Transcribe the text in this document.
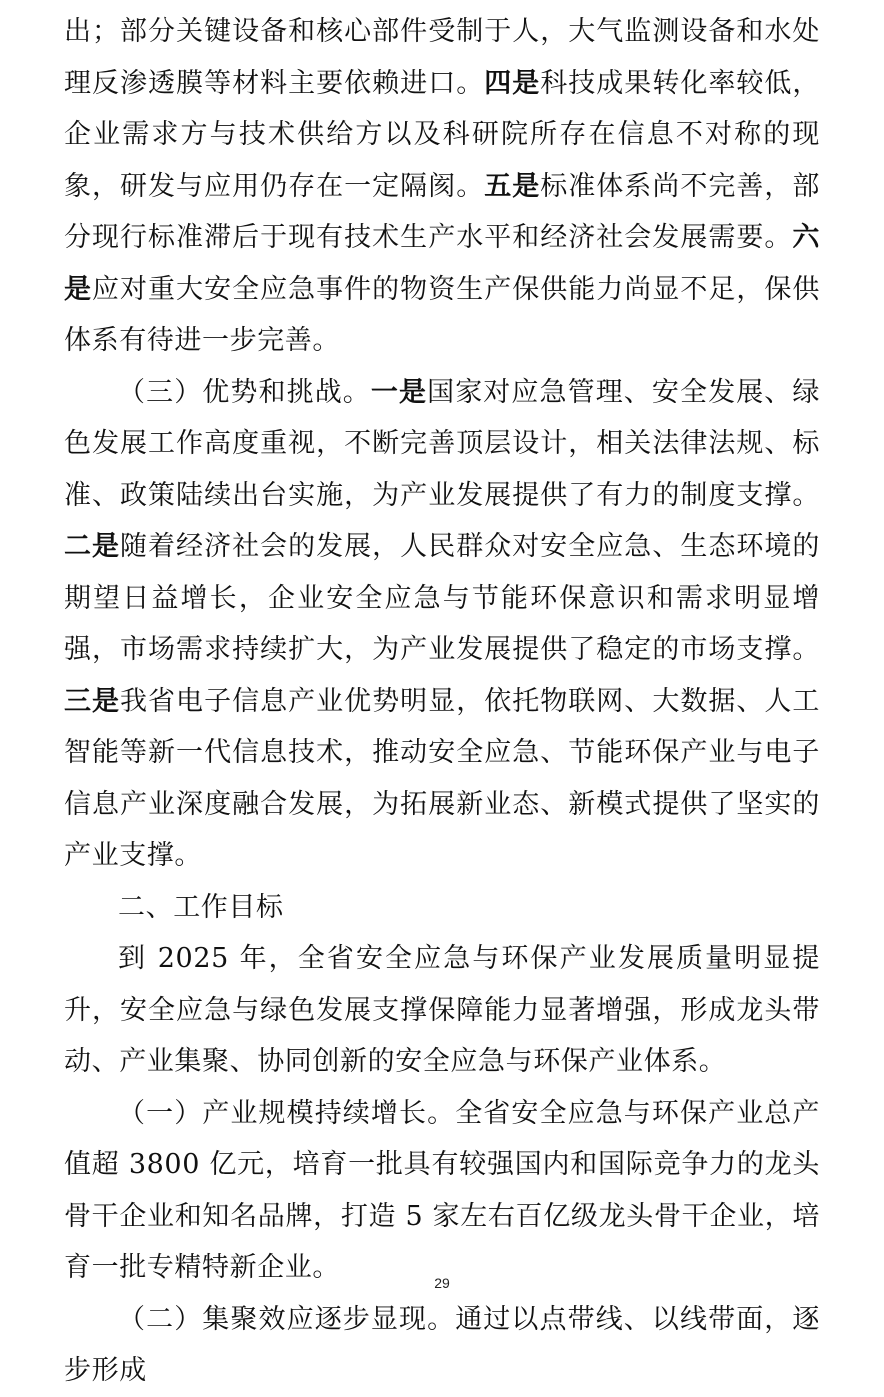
出；部分关键设备和核心部件受制于人，大气监测设备和水处理反渗透膜等材料主要依赖进口。四是科技成果转化率较低，企业需求方与技术供给方以及科研院所存在信息不对称的现象，研发与应用仍存在一定隔阂。五是标准体系尚不完善，部分现行标准滞后于现有技术生产水平和经济社会发展需要。六是应对重大安全应急事件的物资生产保供能力尚显不足，保供体系有待进一步完善。

（三）优势和挑战。一是国家对应急管理、安全发展、绿色发展工作高度重视，不断完善顶层设计，相关法律法规、标准、政策陆续出台实施，为产业发展提供了有力的制度支撑。二是随着经济社会的发展，人民群众对安全应急、生态环境的期望日益增长，企业安全应急与节能环保意识和需求明显增强，市场需求持续扩大，为产业发展提供了稳定的市场支撑。三是我省电子信息产业优势明显，依托物联网、大数据、人工智能等新一代信息技术，推动安全应急、节能环保产业与电子信息产业深度融合发展，为拓展新业态、新模式提供了坚实的产业支撑。

二、工作目标

到 2025 年，全省安全应急与环保产业发展质量明显提升，安全应急与绿色发展支撑保障能力显著增强，形成龙头带动、产业集聚、协同创新的安全应急与环保产业体系。

（一）产业规模持续增长。全省安全应急与环保产业总产值超 3800 亿元，培育一批具有较强国内和国际竞争力的龙头骨干企业和知名品牌，打造 5 家左右百亿级龙头骨干企业，培育一批专精特新企业。

（二）集聚效应逐步显现。通过以点带线、以线带面，逐步形成

29
